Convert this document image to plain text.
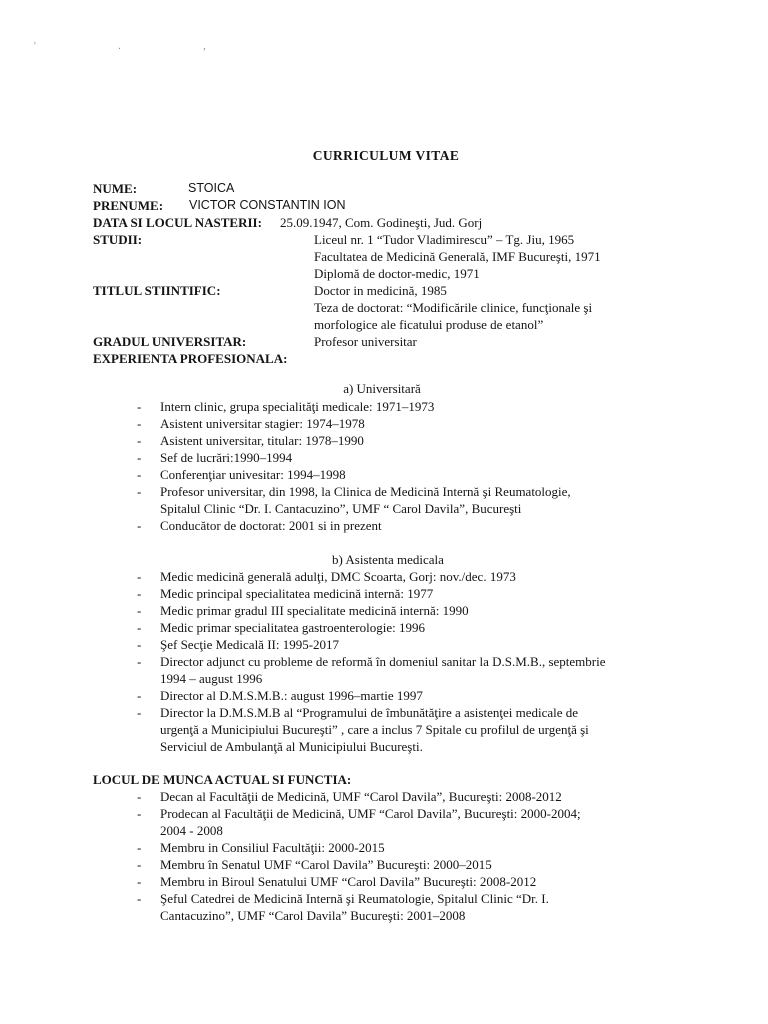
' . ,
CURRICULUM VITAE
NUME:	STOICA
PRENUME: VICTOR CONSTANTIN ION
DATA SI LOCUL NASTERII: 25.09.1947, Com. Godineşti, Jud. Gorj
STUDII:	Liceul nr. 1 “Tudor Vladimirescu” – Tg. Jiu, 1965
Facultatea de Medicină Generală, IMF Bucureşti, 1971
Diplomă de doctor-medic, 1971
TITLUL STIINTIFIC:	Doctor in medicină, 1985
Teza de doctorat: “Modificările clinice, funcţionale şi
morfologice ale ficatului produse de etanol”
GRADUL UNIVERSITAR:	Profesor universitar
EXPERIENTA PROFESIONALA:
a) Universitară
- Intern clinic, grupa specialităţi medicale: 1971–1973
- Asistent universitar stagier: 1974–1978
- Asistent universitar, titular: 1978–1990
- Sef de lucrări:1990–1994
- Conferenţiar univesitar: 1994–1998
- Profesor universitar, din 1998, la Clinica de Medicină Internă şi Reumatologie,
Spitalul Clinic “Dr. I. Cantacuzino”, UMF “ Carol Davila”, Bucureşti
- Conducător de doctorat: 2001 si in prezent
b) Asistenta medicala
- Medic medicină generală adulţi, DMC Scoarta, Gorj: nov./dec. 1973
- Medic principal specialitatea medicină internă: 1977
- Medic primar gradul III specialitate medicină internă: 1990
- Medic primar specialitatea gastroenterologie: 1996
- Şef Secţie Medicală II: 1995-2017
- Director adjunct cu probleme de reformă în domeniul sanitar la D.S.M.B., septembrie
1994 – august 1996
- Director al D.M.S.M.B.: august 1996–martie 1997
- Director la D.M.S.M.B al “Programului de îmbunătăţire a asistenţei medicale de
urgenţă a Municipiului Bucureşti” , care a inclus 7 Spitale cu profilul de urgenţă şi
Serviciul de Ambulanţă al Municipiului Bucureşti.
LOCUL DE MUNCA ACTUAL SI FUNCTIA:
- Decan al Facultăţii de Medicină, UMF “Carol Davila”, Bucureşti: 2008-2012
- Prodecan al Facultăţii de Medicină, UMF “Carol Davila”, Bucureşti: 2000-2004;
2004 - 2008
- Membru in Consiliul Facultăţii: 2000-2015
- Membru în Senatul UMF “Carol Davila” Bucureşti: 2000–2015
- Membru in Biroul Senatului UMF “Carol Davila” Bucureşti: 2008-2012
- Şeful Catedrei de Medicină Internă şi Reumatologie, Spitalul Clinic “Dr. I.
Cantacuzino”, UMF “Carol Davila” Bucureşti: 2001–2008
